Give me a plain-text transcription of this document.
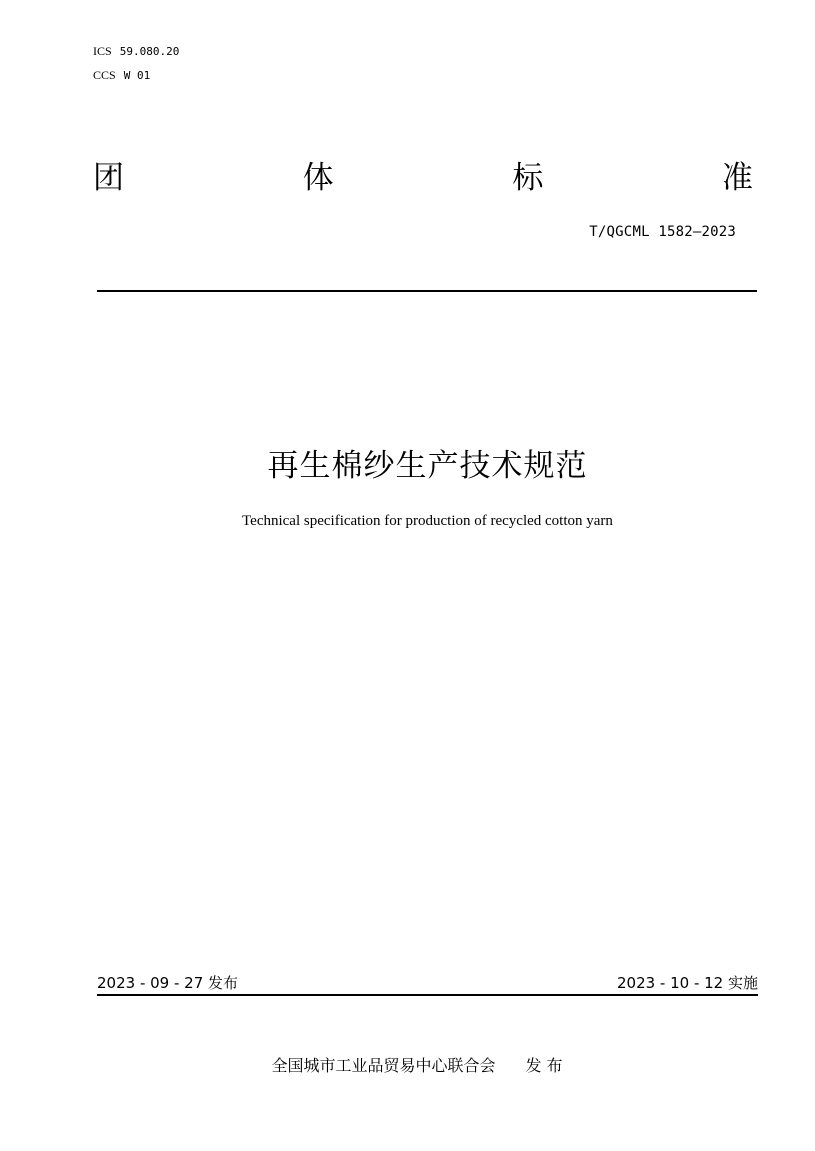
ICS 59.080.20
CCS W 01
团	体	标	准
T/QGCML 1582—2023
再生棉纱生产技术规范
Technical specification for production of recycled cotton yarn
2023 - 09 - 27 发布	2023 - 10 - 12 实施
全国城市工业品贸易中心联合会 发 布
